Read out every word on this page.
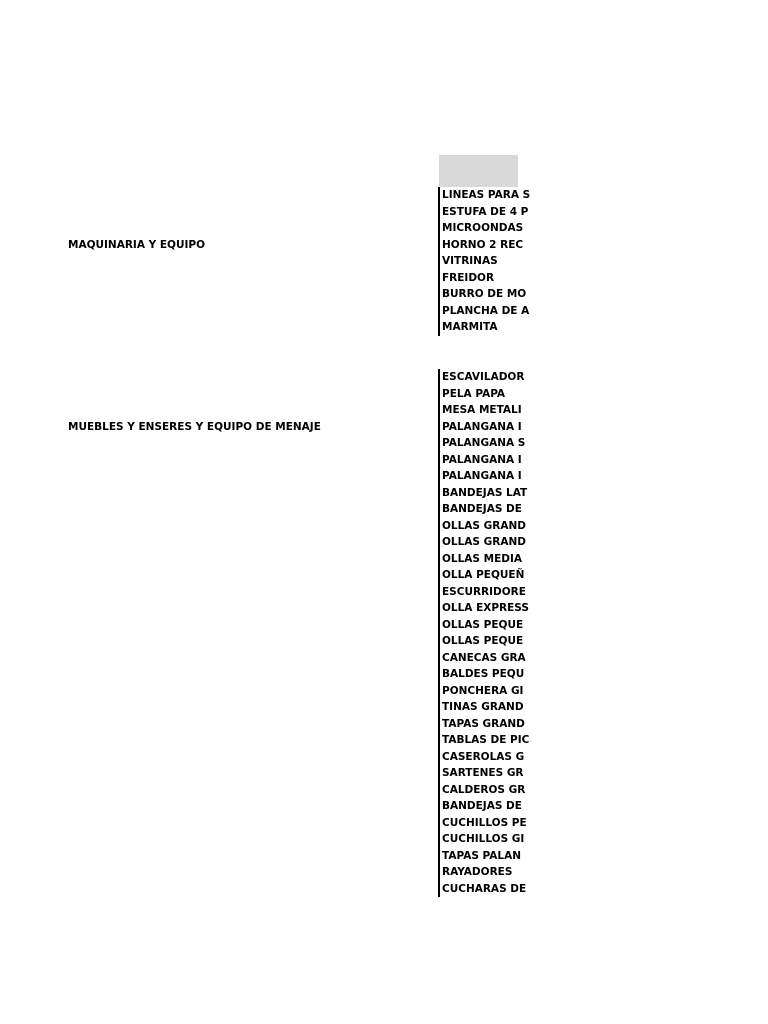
MAQUINARIA Y EQUIPO
MUEBLES Y ENSERES Y EQUIPO DE MENAJE
LINEAS PARA S
ESTUFA DE 4 P
MICROONDAS
HORNO 2 REC
VITRINAS
FREIDOR
BURRO DE MO
PLANCHA DE A
MARMITA
ESCAVILADOR
PELA PAPA
MESA METALI
PALANGANA I
PALANGANA S
PALANGANA I
PALANGANA I
BANDEJAS LAT
BANDEJAS DE
OLLAS GRAND
OLLAS GRAND
OLLAS MEDIA
OLLA PEQUEÑ
ESCURRIDORE
OLLA EXPRESS
OLLAS PEQUE
OLLAS PEQUE
CANECAS GRA
BALDES PEQU
PONCHERA GI
TINAS GRAND
TAPAS GRAND
TABLAS DE PIC
CASEROLAS G
SARTENES GR
CALDEROS GR
BANDEJAS DE
CUCHILLOS PE
CUCHILLOS GI
TAPAS PALAN
RAYADORES
CUCHARAS DE
